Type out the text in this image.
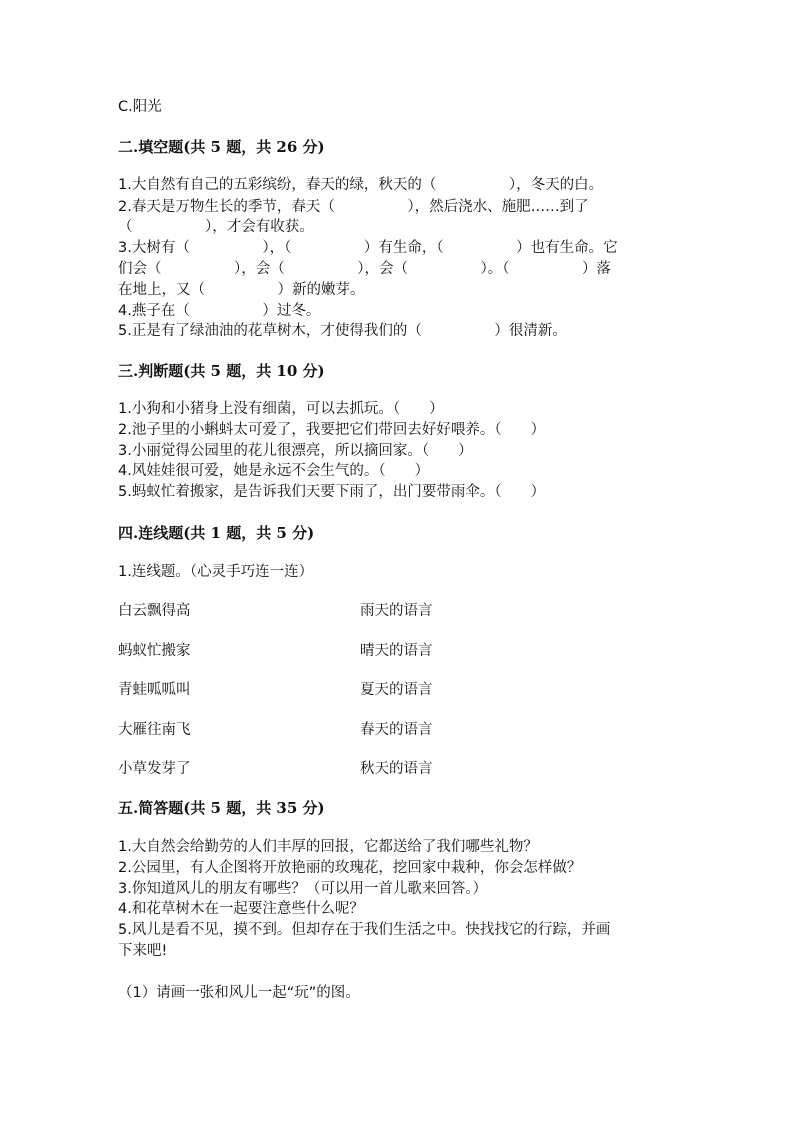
C.阳光
二.填空题(共 5 题，共 26 分)
1.大自然有自己的五彩缤纷，春天的绿，秋天的（　　　　　），冬天的白。
2.春天是万物生长的季节，春天（　　　　　），然后浇水、施肥……到了
（　　　　　），才会有收获。
3.大树有（　　　　　），（　　　　　）有生命，（　　　　　）也有生命。它
们会（　　　　　），会（　　　　　），会（　　　　　）。（　　　　　）落
在地上，又（　　　　　）新的嫩芽。
4.燕子在（　　　　　）过冬。
5.正是有了绿油油的花草树木，才使得我们的（　　　　　）很清新。
三.判断题(共 5 题，共 10 分)
1.小狗和小猪身上没有细菌，可以去抓玩。（　　）
2.池子里的小蝌蚪太可爱了，我要把它们带回去好好喂养。（　　）
3.小丽觉得公园里的花儿很漂亮，所以摘回家。（　　）
4.风娃娃很可爱，她是永远不会生气的。（　　）
5.蚂蚁忙着搬家，是告诉我们天要下雨了，出门要带雨伞。（　　）
四.连线题(共 1 题，共 5 分)
1.连线题。（心灵手巧连一连）
白云飘得高	雨天的语言
蚂蚁忙搬家	晴天的语言
青蛙呱呱叫	夏天的语言
大雁往南飞	春天的语言
小草发芽了	秋天的语言
五.简答题(共 5 题，共 35 分)
1.大自然会给勤劳的人们丰厚的回报，它都送给了我们哪些礼物？
2.公园里，有人企图将开放艳丽的玫瑰花，挖回家中栽种，你会怎样做？
3.你知道风儿的朋友有哪些？（可以用一首儿歌来回答。）
4.和花草树木在一起要注意些什么呢？
5.风儿是看不见，摸不到。但却存在于我们生活之中。快找找它的行踪，并画
下来吧!
（1）请画一张和风儿一起“玩”的图。
